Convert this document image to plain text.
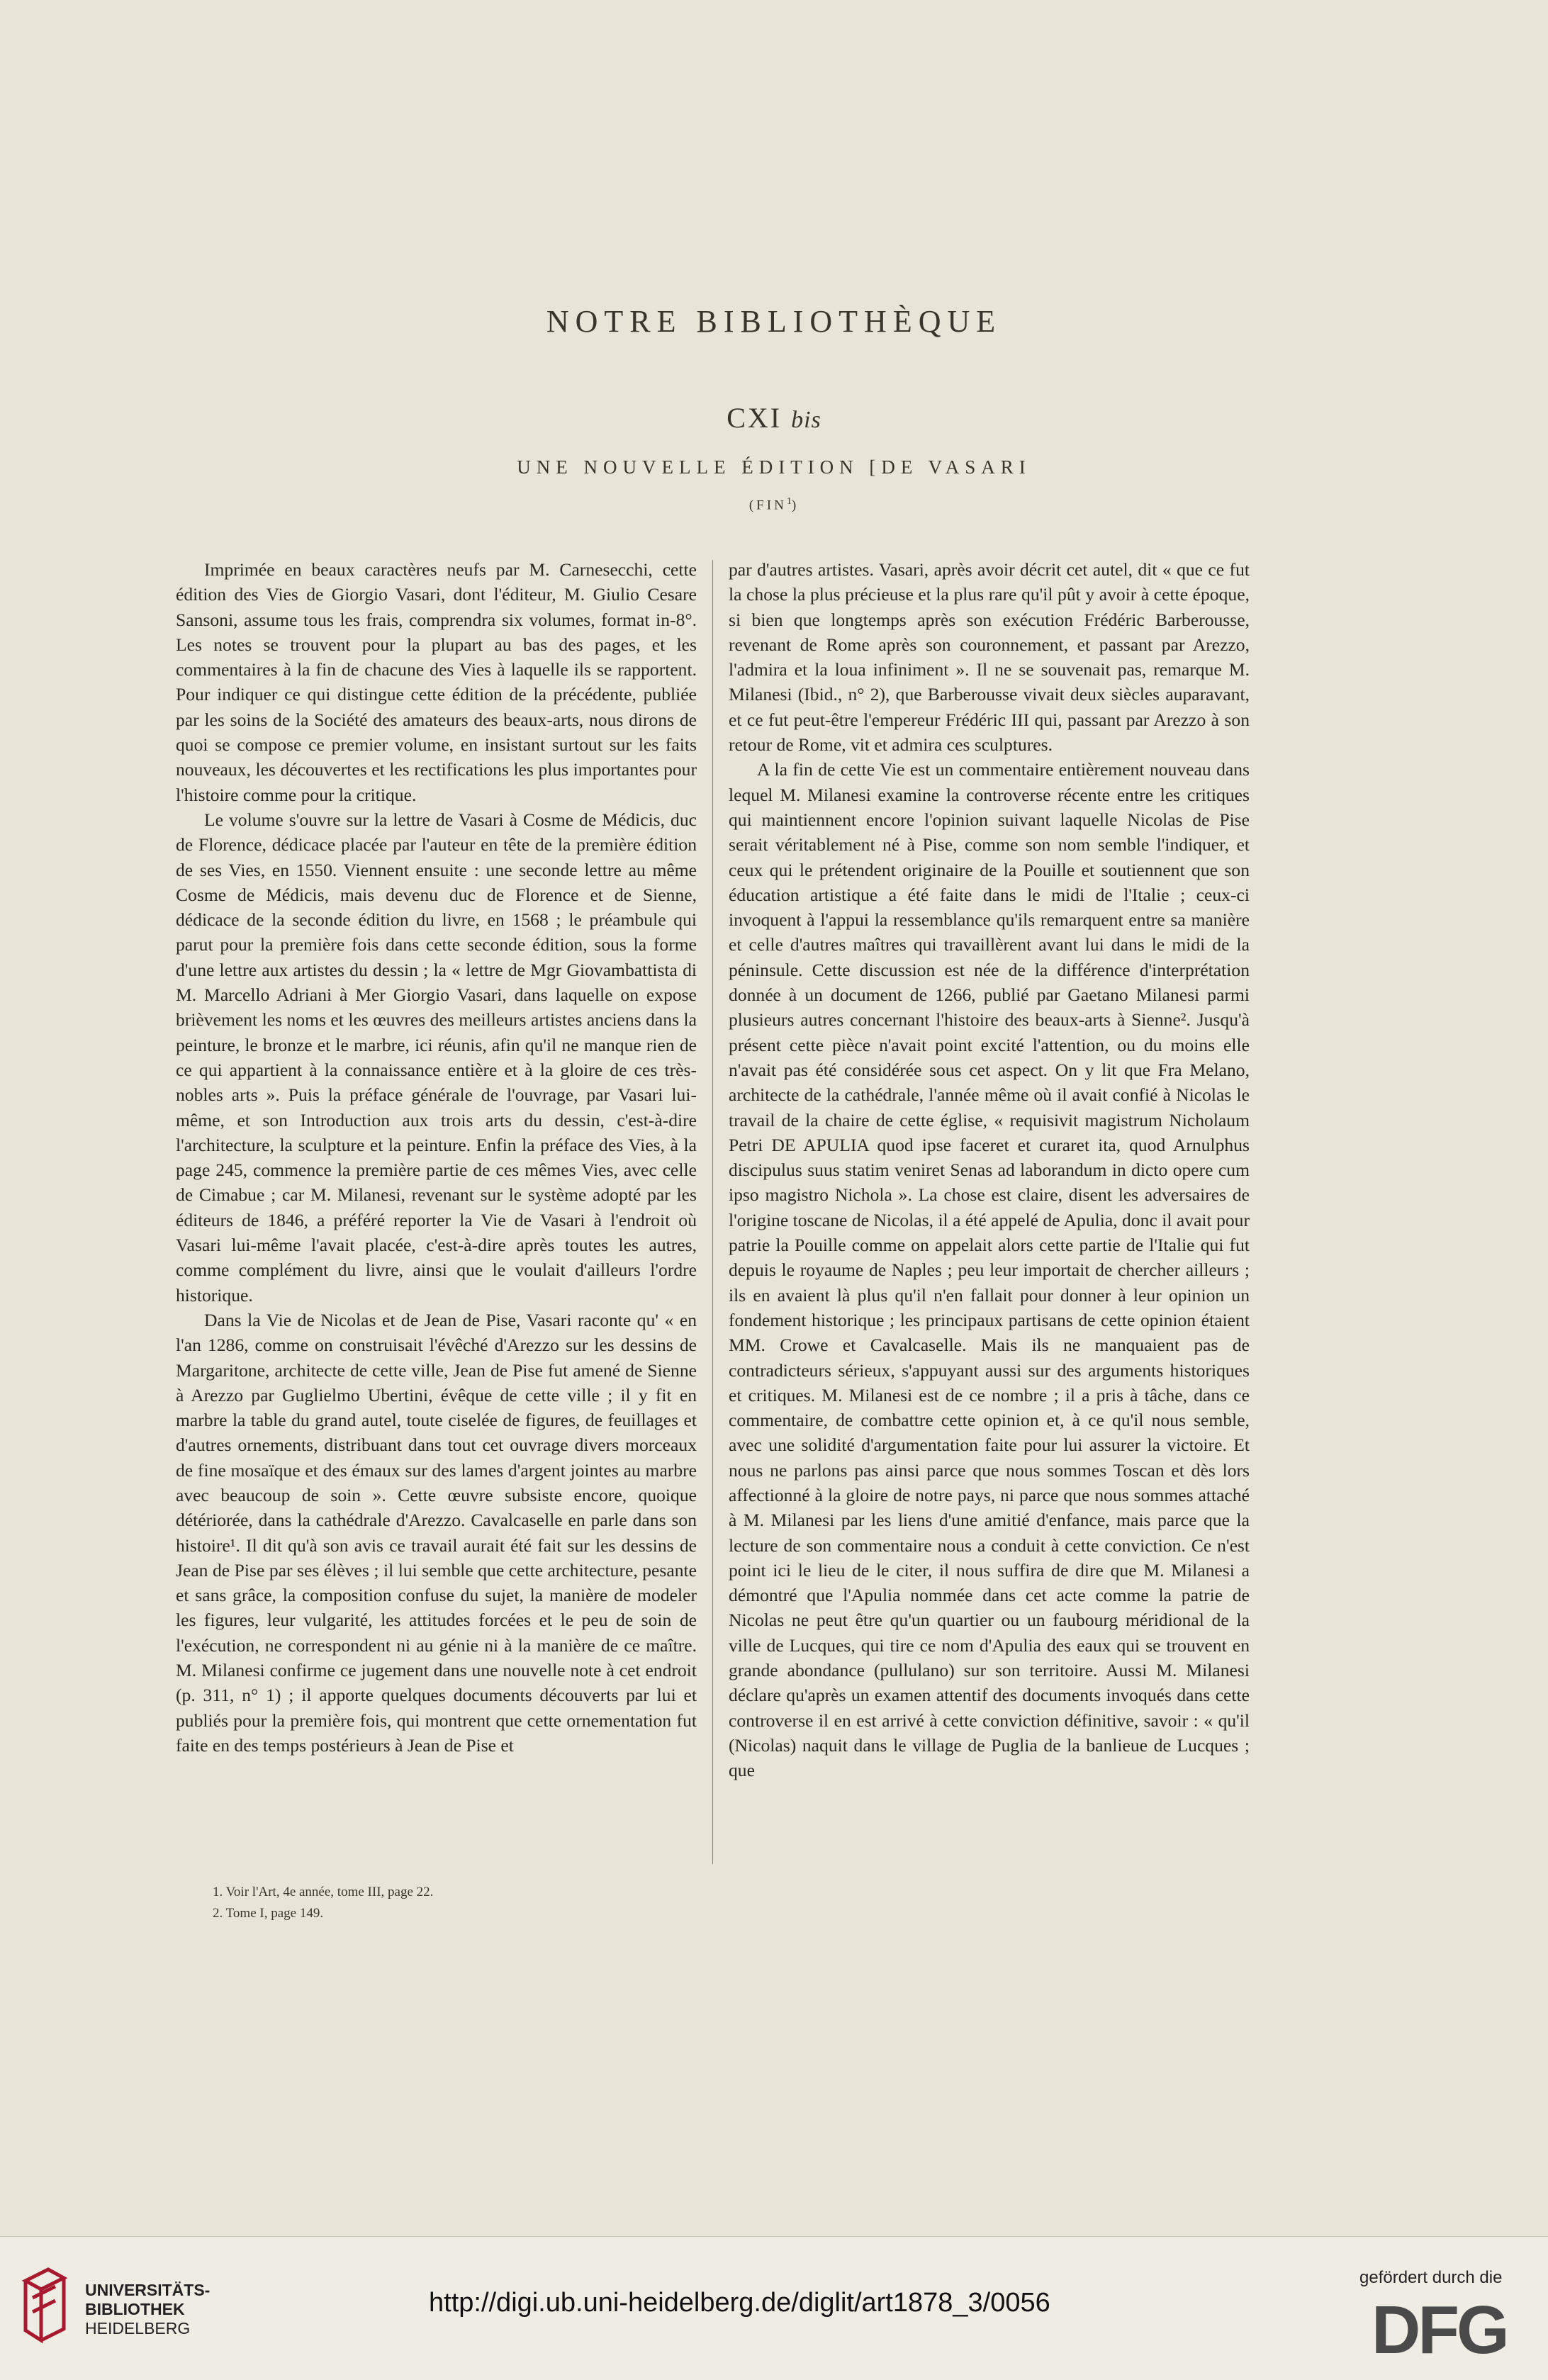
NOTRE BIBLIOTHÈQUE
CXI bis
UNE NOUVELLE ÉDITION [DE VASARI
(FIN$^1$)

Imprimée en beaux caractères neufs par M. Carnesecchi, cette édition des Vies de Giorgio Vasari, dont l'éditeur, M. Giulio Cesare Sansoni, assume tous les frais, comprendra six volumes, format in-8°. Les notes se trouvent pour la plupart au bas des pages, et les commentaires à la fin de chacune des Vies à laquelle ils se rapportent. Pour indiquer ce qui distingue cette édition de la précédente, publiée par les soins de la Société des amateurs des beaux-arts, nous dirons de quoi se compose ce premier volume, en insistant surtout sur les faits nouveaux, les découvertes et les rectifications les plus importantes pour l'histoire comme pour la critique.

Le volume s'ouvre sur la lettre de Vasari à Cosme de Médicis, duc de Florence, dédicace placée par l'auteur en tête de la première édition de ses Vies, en 1550. Viennent ensuite : une seconde lettre au même Cosme de Médicis, mais devenu duc de Florence et de Sienne, dédicace de la seconde édition du livre, en 1568 ; le préambule qui parut pour la première fois dans cette seconde édition, sous la forme d'une lettre aux artistes du dessin ; la « lettre de Mgr Giovambattista di M. Marcello Adriani à Mer Giorgio Vasari, dans laquelle on expose brièvement les noms et les œuvres des meilleurs artistes anciens dans la peinture, le bronze et le marbre, ici réunis, afin qu'il ne manque rien de ce qui appartient à la connaissance entière et à la gloire de ces très-nobles arts ». Puis la préface générale de l'ouvrage, par Vasari lui-même, et son Introduction aux trois arts du dessin, c'est-à-dire l'architecture, la sculpture et la peinture. Enfin la préface des Vies, à la page 245, commence la première partie de ces mêmes Vies, avec celle de Cimabue ; car M. Milanesi, revenant sur le système adopté par les éditeurs de 1846, a préféré reporter la Vie de Vasari à l'endroit où Vasari lui-même l'avait placée, c'est-à-dire après toutes les autres, comme complément du livre, ainsi que le voulait d'ailleurs l'ordre historique.

Dans la Vie de Nicolas et de Jean de Pise, Vasari raconte qu' « en l'an 1286, comme on construisait l'évêché d'Arezzo sur les dessins de Margaritone, architecte de cette ville, Jean de Pise fut amené de Sienne à Arezzo par Guglielmo Ubertini, évêque de cette ville ; il y fit en marbre la table du grand autel, toute ciselée de figures, de feuillages et d'autres ornements, distribuant dans tout cet ouvrage divers morceaux de fine mosaïque et des émaux sur des lames d'argent jointes au marbre avec beaucoup de soin ». Cette œuvre subsiste encore, quoique détériorée, dans la cathédrale d'Arezzo. Cavalcaselle en parle dans son histoire¹. Il dit qu'à son avis ce travail aurait été fait sur les dessins de Jean de Pise par ses élèves ; il lui semble que cette architecture, pesante et sans grâce, la composition confuse du sujet, la manière de modeler les figures, leur vulgarité, les attitudes forcées et le peu de soin de l'exécution, ne correspondent ni au génie ni à la manière de ce maître. M. Milanesi confirme ce jugement dans une nouvelle note à cet endroit (p. 311, n° 1) ; il apporte quelques documents découverts par lui et publiés pour la première fois, qui montrent que cette ornementation fut faite en des temps postérieurs à Jean de Pise et

par d'autres artistes. Vasari, après avoir décrit cet autel, dit « que ce fut la chose la plus précieuse et la plus rare qu'il pût y avoir à cette époque, si bien que longtemps après son exécution Frédéric Barberousse, revenant de Rome après son couronnement, et passant par Arezzo, l'admira et la loua infiniment ». Il ne se souvenait pas, remarque M. Milanesi (Ibid., n° 2), que Barberousse vivait deux siècles auparavant, et ce fut peut-être l'empereur Frédéric III qui, passant par Arezzo à son retour de Rome, vit et admira ces sculptures.

A la fin de cette Vie est un commentaire entièrement nouveau dans lequel M. Milanesi examine la controverse récente entre les critiques qui maintiennent encore l'opinion suivant laquelle Nicolas de Pise serait véritablement né à Pise, comme son nom semble l'indiquer, et ceux qui le prétendent originaire de la Pouille et soutiennent que son éducation artistique a été faite dans le midi de l'Italie ; ceux-ci invoquent à l'appui la ressemblance qu'ils remarquent entre sa manière et celle d'autres maîtres qui travaillèrent avant lui dans le midi de la péninsule. Cette discussion est née de la différence d'interprétation donnée à un document de 1266, publié par Gaetano Milanesi parmi plusieurs autres concernant l'histoire des beaux-arts à Sienne². Jusqu'à présent cette pièce n'avait point excité l'attention, ou du moins elle n'avait pas été considérée sous cet aspect. On y lit que Fra Melano, architecte de la cathédrale, l'année même où il avait confié à Nicolas le travail de la chaire de cette église, « requisivit magistrum Nicholaum Petri DE APULIA quod ipse faceret et curaret ita, quod Arnulphus discipulus suus statim veniret Senas ad laborandum in dicto opere cum ipso magistro Nichola ». La chose est claire, disent les adversaires de l'origine toscane de Nicolas, il a été appelé de Apulia, donc il avait pour patrie la Pouille comme on appelait alors cette partie de l'Italie qui fut depuis le royaume de Naples ; peu leur importait de chercher ailleurs ; ils en avaient là plus qu'il n'en fallait pour donner à leur opinion un fondement historique ; les principaux partisans de cette opinion étaient MM. Crowe et Cavalcaselle. Mais ils ne manquaient pas de contradicteurs sérieux, s'appuyant aussi sur des arguments historiques et critiques. M. Milanesi est de ce nombre ; il a pris à tâche, dans ce commentaire, de combattre cette opinion et, à ce qu'il nous semble, avec une solidité d'argumentation faite pour lui assurer la victoire. Et nous ne parlons pas ainsi parce que nous sommes Toscan et dès lors affectionné à la gloire de notre pays, ni parce que nous sommes attaché à M. Milanesi par les liens d'une amitié d'enfance, mais parce que la lecture de son commentaire nous a conduit à cette conviction. Ce n'est point ici le lieu de le citer, il nous suffira de dire que M. Milanesi a démontré que l'Apulia nommée dans cet acte comme la patrie de Nicolas ne peut être qu'un quartier ou un faubourg méridional de la ville de Lucques, qui tire ce nom d'Apulia des eaux qui se trouvent en grande abondance (pullulano) sur son territoire. Aussi M. Milanesi déclare qu'après un examen attentif des documents invoqués dans cette controverse il en est arrivé à cette conviction définitive, savoir : « qu'il (Nicolas) naquit dans le village de Puglia de la banlieue de Lucques ; que

1. Voir l'Art, 4e année, tome III, page 22.
2. Tome I, page 149.
UNIVERSITÄTS-
BIBLIOTHEK
HEIDELBERG
http://digi.ub.uni-heidelberg.de/diglit/art1878_3/0056
gefördert durch die
DFG
